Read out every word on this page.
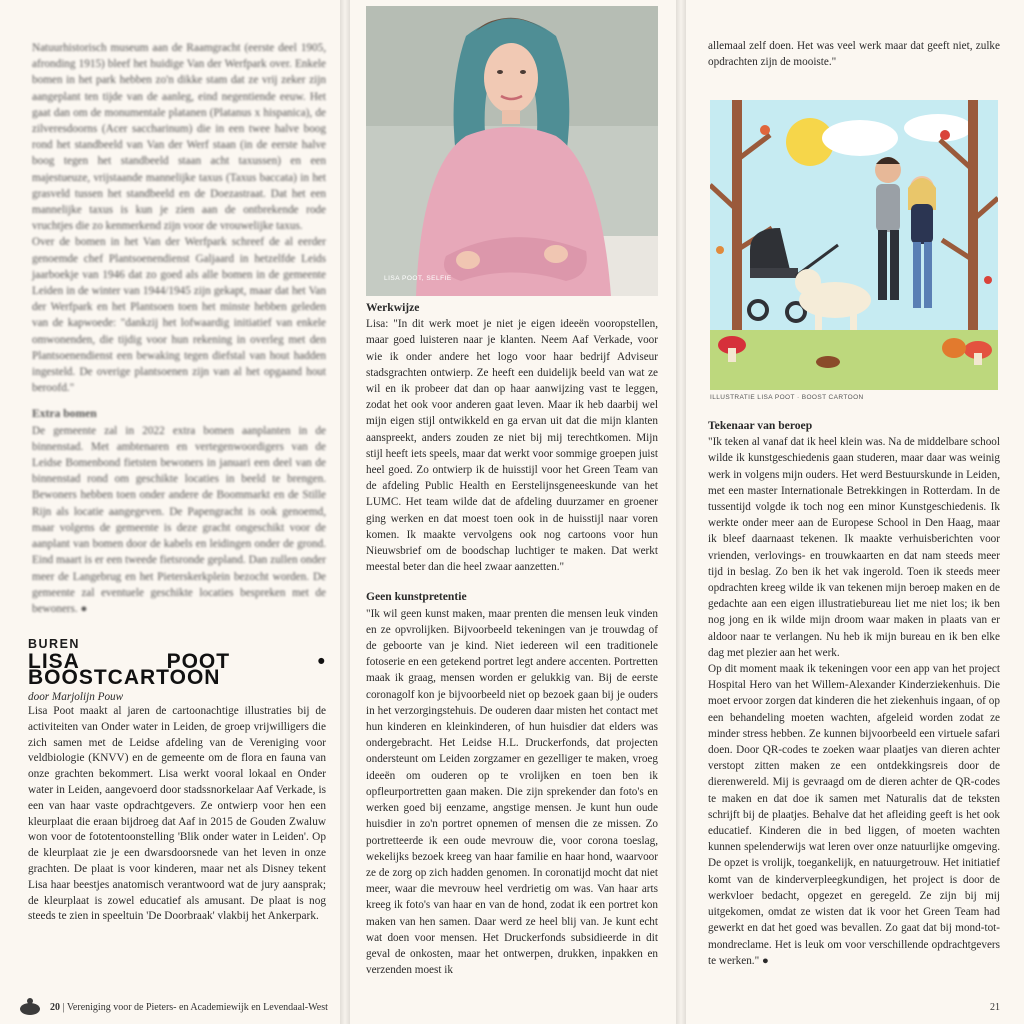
Natuurhistorisch museum aan de Raamgracht (eerste deel 1905, afronding 1915) bleef het huidige Van der Werfpark over. Enkele bomen in het park hebben zo'n dikke stam dat ze vrij zeker zijn aangeplant ten tijde van de aanleg, eind negentiende eeuw. Het gaat dan om de monumentale platanen (Platanus x hispanica), de zilveresdoorns (Acer saccharinum) die in een twee halve boog rond het standbeeld van Van der Werf staan (in de eerste halve boog tegen het standbeeld staan acht taxussen) en een majestueuze, vrijstaande mannelijke taxus (Taxus baccata) in het grasveld tussen het standbeeld en de Doezastraat. Dat het een mannelijke taxus is kun je zien aan de ontbrekende rode vruchtjes die zo kenmerkend zijn voor de vrouwelijke taxus.

Over de bomen in het Van der Werfpark schreef de al eerder genoemde chef Plantsoenendienst Galjaard in hetzelfde Leids jaarboekje van 1946 dat zo goed als alle bomen in de gemeente Leiden in de winter van 1944/1945 zijn gekapt, maar dat het Van der Werfpark en het Plantsoen toen het minste hebben geleden van de kapwoede: "dankzij het lofwaardig initiatief van enkele omwonenden, die tijdig voor hun rekening in overleg met den Plantsoenendienst een bewaking tegen diefstal van hout hadden ingesteld. De overige plantsoenen zijn van al het opgaand hout beroofd."

Extra bomen

De gemeente zal in 2022 extra bomen aanplanten in de binnenstad. Met ambtenaren en vertegenwoordigers van de Leidse Bomenbond fietsten bewoners in januari een deel van de binnenstad rond om geschikte locaties in beeld te brengen. Bewoners hebben toen onder andere de Boommarkt en de Stille Rijn als locatie aangegeven. De Papengracht is ook genoemd, maar volgens de gemeente is deze gracht ongeschikt voor de aanplant van bomen door de kabels en leidingen onder de grond. Eind maart is er een tweede fietsronde gepland. Dan zullen onder meer de Langebrug en het Pieterskerkplein bezocht worden. De gemeente zal eventuele geschikte locaties bespreken met de bewoners. ●

BUREN
LISA POOT • BOOSTCARTOON
door Marjolijn Pouw

Lisa Poot maakt al jaren de cartoonachtige illustraties bij de activiteiten van Onder water in Leiden, de groep vrijwilligers die zich samen met de Leidse afdeling van de Vereniging voor veldbiologie (KNVV) en de gemeente om de flora en fauna van onze grachten bekommert. Lisa werkt vooral lokaal en Onder water in Leiden, aangevoerd door stadssnorkelaar Aaf Verkade, is een van haar vaste opdrachtgevers. Ze ontwierp voor hen een kleurplaat die eraan bijdroeg dat Aaf in 2015 de Gouden Zwaluw won voor de fototentoonstelling 'Blik onder water in Leiden'. Op de kleurplaat zie je een dwarsdoorsnede van het leven in onze grachten. De plaat is voor kinderen, maar net als Disney tekent Lisa haar beestjes anatomisch verantwoord wat de jury aansprak; de kleurplaat is zowel educatief als amusant. De plaat is nog steeds te zien in speeltuin 'De Doorbraak' vlakbij het Ankerpark.

LISA POOT, SELFIE

Werkwijze

Lisa: "In dit werk moet je niet je eigen ideeën vooropstellen, maar goed luisteren naar je klanten. Neem Aaf Verkade, voor wie ik onder andere het logo voor haar bedrijf Adviseur stadsgrachten ontwierp. Ze heeft een duidelijk beeld van wat ze wil en ik probeer dat dan op haar aanwijzing vast te leggen, zodat het ook voor anderen gaat leven. Maar ik heb daarbij wel mijn eigen stijl ontwikkeld en ga ervan uit dat die mijn klanten aanspreekt, anders zouden ze niet bij mij terechtkomen. Mijn stijl heeft iets speels, maar dat werkt voor sommige groepen juist heel goed. Zo ontwierp ik de huisstijl voor het Green Team van de afdeling Public Health en Eerstelijnsgeneeskunde van het LUMC. Het team wilde dat de afdeling duurzamer en groener ging werken en dat moest toen ook in de huisstijl naar voren komen. Ik maakte vervolgens ook nog cartoons voor hun Nieuwsbrief om de boodschap luchtiger te maken. Dat werkt meestal beter dan die heel zwaar aanzetten."

Geen kunstpretentie

"Ik wil geen kunst maken, maar prenten die mensen leuk vinden en ze opvrolijken. Bijvoorbeeld tekeningen van je trouwdag of de geboorte van je kind. Niet iedereen wil een traditionele fotoserie en een getekend portret legt andere accenten. Portretten maak ik graag, mensen worden er gelukkig van. Bij de eerste coronagolf kon je bijvoorbeeld niet op bezoek gaan bij je ouders in het verzorgingstehuis. De ouderen daar misten het contact met hun kinderen en kleinkinderen, of hun huisdier dat elders was ondergebracht. Het Leidse H.L. Druckerfonds, dat projecten ondersteunt om Leiden zorgzamer en gezelliger te maken, vroeg ideeën om ouderen op te vrolijken en toen ben ik opfleurportretten gaan maken. Die zijn sprekender dan foto's en werken goed bij eenzame, angstige mensen. Je kunt hun oude huisdier in zo'n portret opnemen of mensen die ze missen. Zo portretteerde ik een oude mevrouw die, voor corona toeslag, wekelijks bezoek kreeg van haar familie en haar hond, waarvoor ze de zorg op zich hadden genomen. In coronatijd mocht dat niet meer, waar die mevrouw heel verdrietig om was. Van haar arts kreeg ik foto's van haar en van de hond, zodat ik een portret kon maken van hen samen. Daar werd ze heel blij van. Je kunt echt wat doen voor mensen. Het Druckerfonds subsidieerde in dit geval de onkosten, maar het ontwerpen, drukken, inpakken en verzenden moest ik

allemaal zelf doen. Het was veel werk maar dat geeft niet, zulke opdrachten zijn de mooiste."

ILLUSTRATIE LISA POOT · BOOST CARTOON

Tekenaar van beroep

"Ik teken al vanaf dat ik heel klein was. Na de middelbare school wilde ik kunstgeschiedenis gaan studeren, maar daar was weinig werk in volgens mijn ouders. Het werd Bestuurskunde in Leiden, met een master Internationale Betrekkingen in Rotterdam. In de tussentijd volgde ik toch nog een minor Kunstgeschiedenis. Ik werkte onder meer aan de Europese School in Den Haag, maar ik bleef daarnaast tekenen. Ik maakte verhuisberichten voor vrienden, verlovings- en trouwkaarten en dat nam steeds meer tijd in beslag. Zo ben ik het vak ingerold. Toen ik steeds meer opdrachten kreeg wilde ik van tekenen mijn beroep maken en de gedachte aan een eigen illustratiebureau liet me niet los; ik ben nog jong en ik wilde mijn droom waar maken in plaats van er aldoor naar te verlangen. Nu heb ik mijn bureau en ik ben elke dag met plezier aan het werk.

Op dit moment maak ik tekeningen voor een app van het project Hospital Hero van het Willem-Alexander Kinderziekenhuis. Die moet ervoor zorgen dat kinderen die het ziekenhuis ingaan, of op een behandeling moeten wachten, afgeleid worden zodat ze minder stress hebben. Ze kunnen bijvoorbeeld een virtuele safari doen. Door QR-codes te zoeken waar plaatjes van dieren achter verstopt zitten maken ze een ontdekkingsreis door de dierenwereld. Mij is gevraagd om de dieren achter de QR-codes te maken en dat doe ik samen met Naturalis dat de teksten schrijft bij de plaatjes. Behalve dat het afleiding geeft is het ook educatief. Kinderen die in bed liggen, of moeten wachten kunnen spelenderwijs wat leren over onze natuurlijke omgeving. De opzet is vrolijk, toegankelijk, en natuurgetrouw. Het initiatief komt van de kinderverpleegkundigen, het project is door de werkvloer bedacht, opgezet en geregeld. Ze zijn bij mij uitgekomen, omdat ze wisten dat ik voor het Green Team had gewerkt en dat het goed was bevallen. Zo gaat dat bij mond-tot-mondreclame. Het is leuk om voor verschillende opdrachtgevers te werken." ●

20 | Vereniging voor de Pieters- en Academiewijk en Levendaal-West	21
